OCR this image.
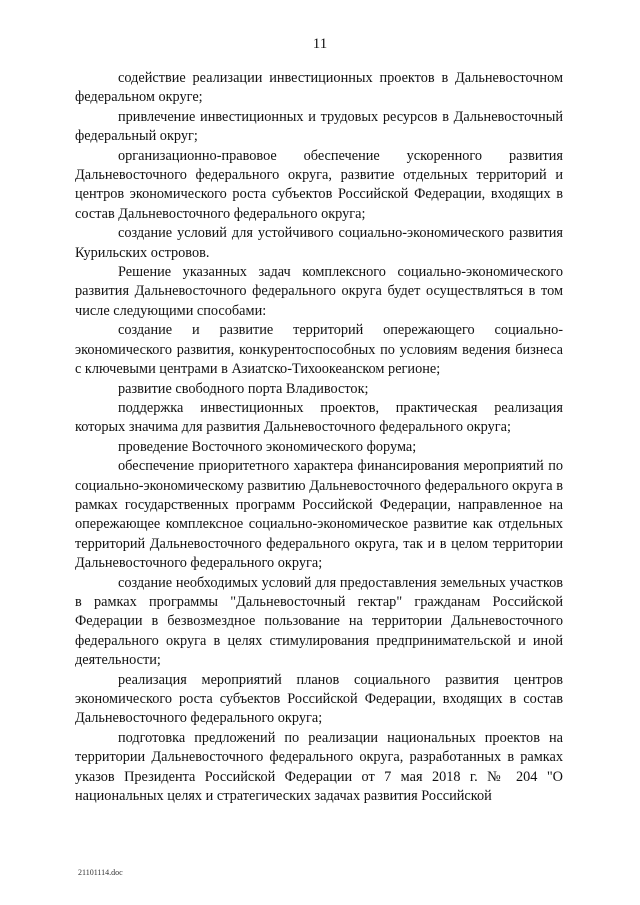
11

содействие реализации инвестиционных проектов в Дальневосточном федеральном округе;

привлечение инвестиционных и трудовых ресурсов в Дальневосточный федеральный округ;

организационно-правовое обеспечение ускоренного развития Дальневосточного федерального округа, развитие отдельных территорий и центров экономического роста субъектов Российской Федерации, входящих в состав Дальневосточного федерального округа;

создание условий для устойчивого социально-экономического развития Курильских островов.

Решение указанных задач комплексного социально-экономического развития Дальневосточного федерального округа будет осуществляться в том числе следующими способами:

создание и развитие территорий опережающего социально-экономического развития, конкурентоспособных по условиям ведения бизнеса с ключевыми центрами в Азиатско-Тихоокеанском регионе;

развитие свободного порта Владивосток;

поддержка инвестиционных проектов, практическая реализация которых значима для развития Дальневосточного федерального округа;

проведение Восточного экономического форума;

обеспечение приоритетного характера финансирования мероприятий по социально-экономическому развитию Дальневосточного федерального округа в рамках государственных программ Российской Федерации, направленное на опережающее комплексное социально-экономическое развитие как отдельных территорий Дальневосточного федерального округа, так и в целом территории Дальневосточного федерального округа;

создание необходимых условий для предоставления земельных участков в рамках программы "Дальневосточный гектар" гражданам Российской Федерации в безвозмездное пользование на территории Дальневосточного федерального округа в целях стимулирования предпринимательской и иной деятельности;

реализация мероприятий планов социального развития центров экономического роста субъектов Российской Федерации, входящих в состав Дальневосточного федерального округа;

подготовка предложений по реализации национальных проектов на территории Дальневосточного федерального округа, разработанных в рамках указов Президента Российской Федерации от 7 мая 2018 г. № 204 "О национальных целях и стратегических задачах развития Российской

21101114.doc
